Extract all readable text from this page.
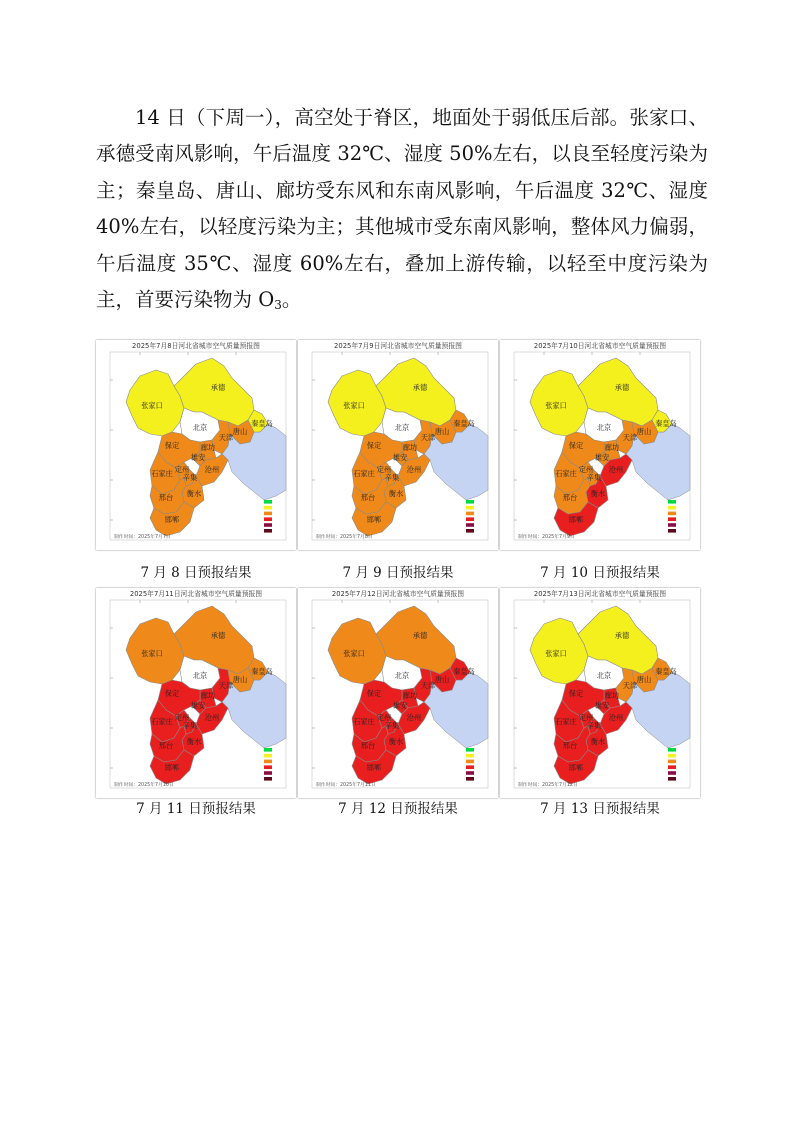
14 日（下周一），高空处于脊区，地面处于弱低压后部。张家口、承德受南风影响，午后温度 32℃、湿度 50%左右，以良至轻度污染为主；秦皇岛、唐山、廊坊受东风和东南风影响，午后温度 32℃、湿度 40%左右，以轻度污染为主；其他城市受东南风影响，整体风力偏弱，午后温度 35℃、湿度 60%左右，叠加上游传输，以轻至中度污染为主，首要污染物为 $O_3$。

2025年7月8日河北省城市空气质量预报图
张家口
承德
北京
天津
唐山
秦皇岛
廊坊
保定
雄安
沧州
石家庄 定州
辛集
衡水
邢台
邯郸
制作时间：2025年7月7日
7 月 8 日预报结果
2025年7月9日河北省城市空气质量预报图
张家口
承德
北京
天津
唐山
秦皇岛
廊坊
保定
雄安
沧州
石家庄 定州
辛集
衡水
邢台
邯郸
制作时间：2025年7月8日
7 月 9 日预报结果
2025年7月10日河北省城市空气质量预报图
张家口
承德
北京
天津
唐山
秦皇岛
廊坊
保定
雄安
沧州
石家庄 定州
辛集
衡水
邢台
邯郸
制作时间：2025年7月9日
7 月 10 日预报结果
2025年7月11日河北省城市空气质量预报图
张家口
承德
北京
天津
唐山
秦皇岛
廊坊
保定
雄安
沧州
石家庄 定州
辛集
衡水
邢台
邯郸
制作时间：2025年7月10日
7 月 11 日预报结果
2025年7月12日河北省城市空气质量预报图
张家口
承德
北京
天津
唐山
秦皇岛
廊坊
保定
雄安
沧州
石家庄 定州
辛集
衡水
邢台
邯郸
制作时间：2025年7月11日
7 月 12 日预报结果
2025年7月13日河北省城市空气质量预报图
张家口
承德
北京
天津
唐山
秦皇岛
廊坊
保定
雄安
沧州
石家庄 定州
辛集
衡水
邢台
邯郸
制作时间：2025年7月12日
7 月 13 日预报结果
